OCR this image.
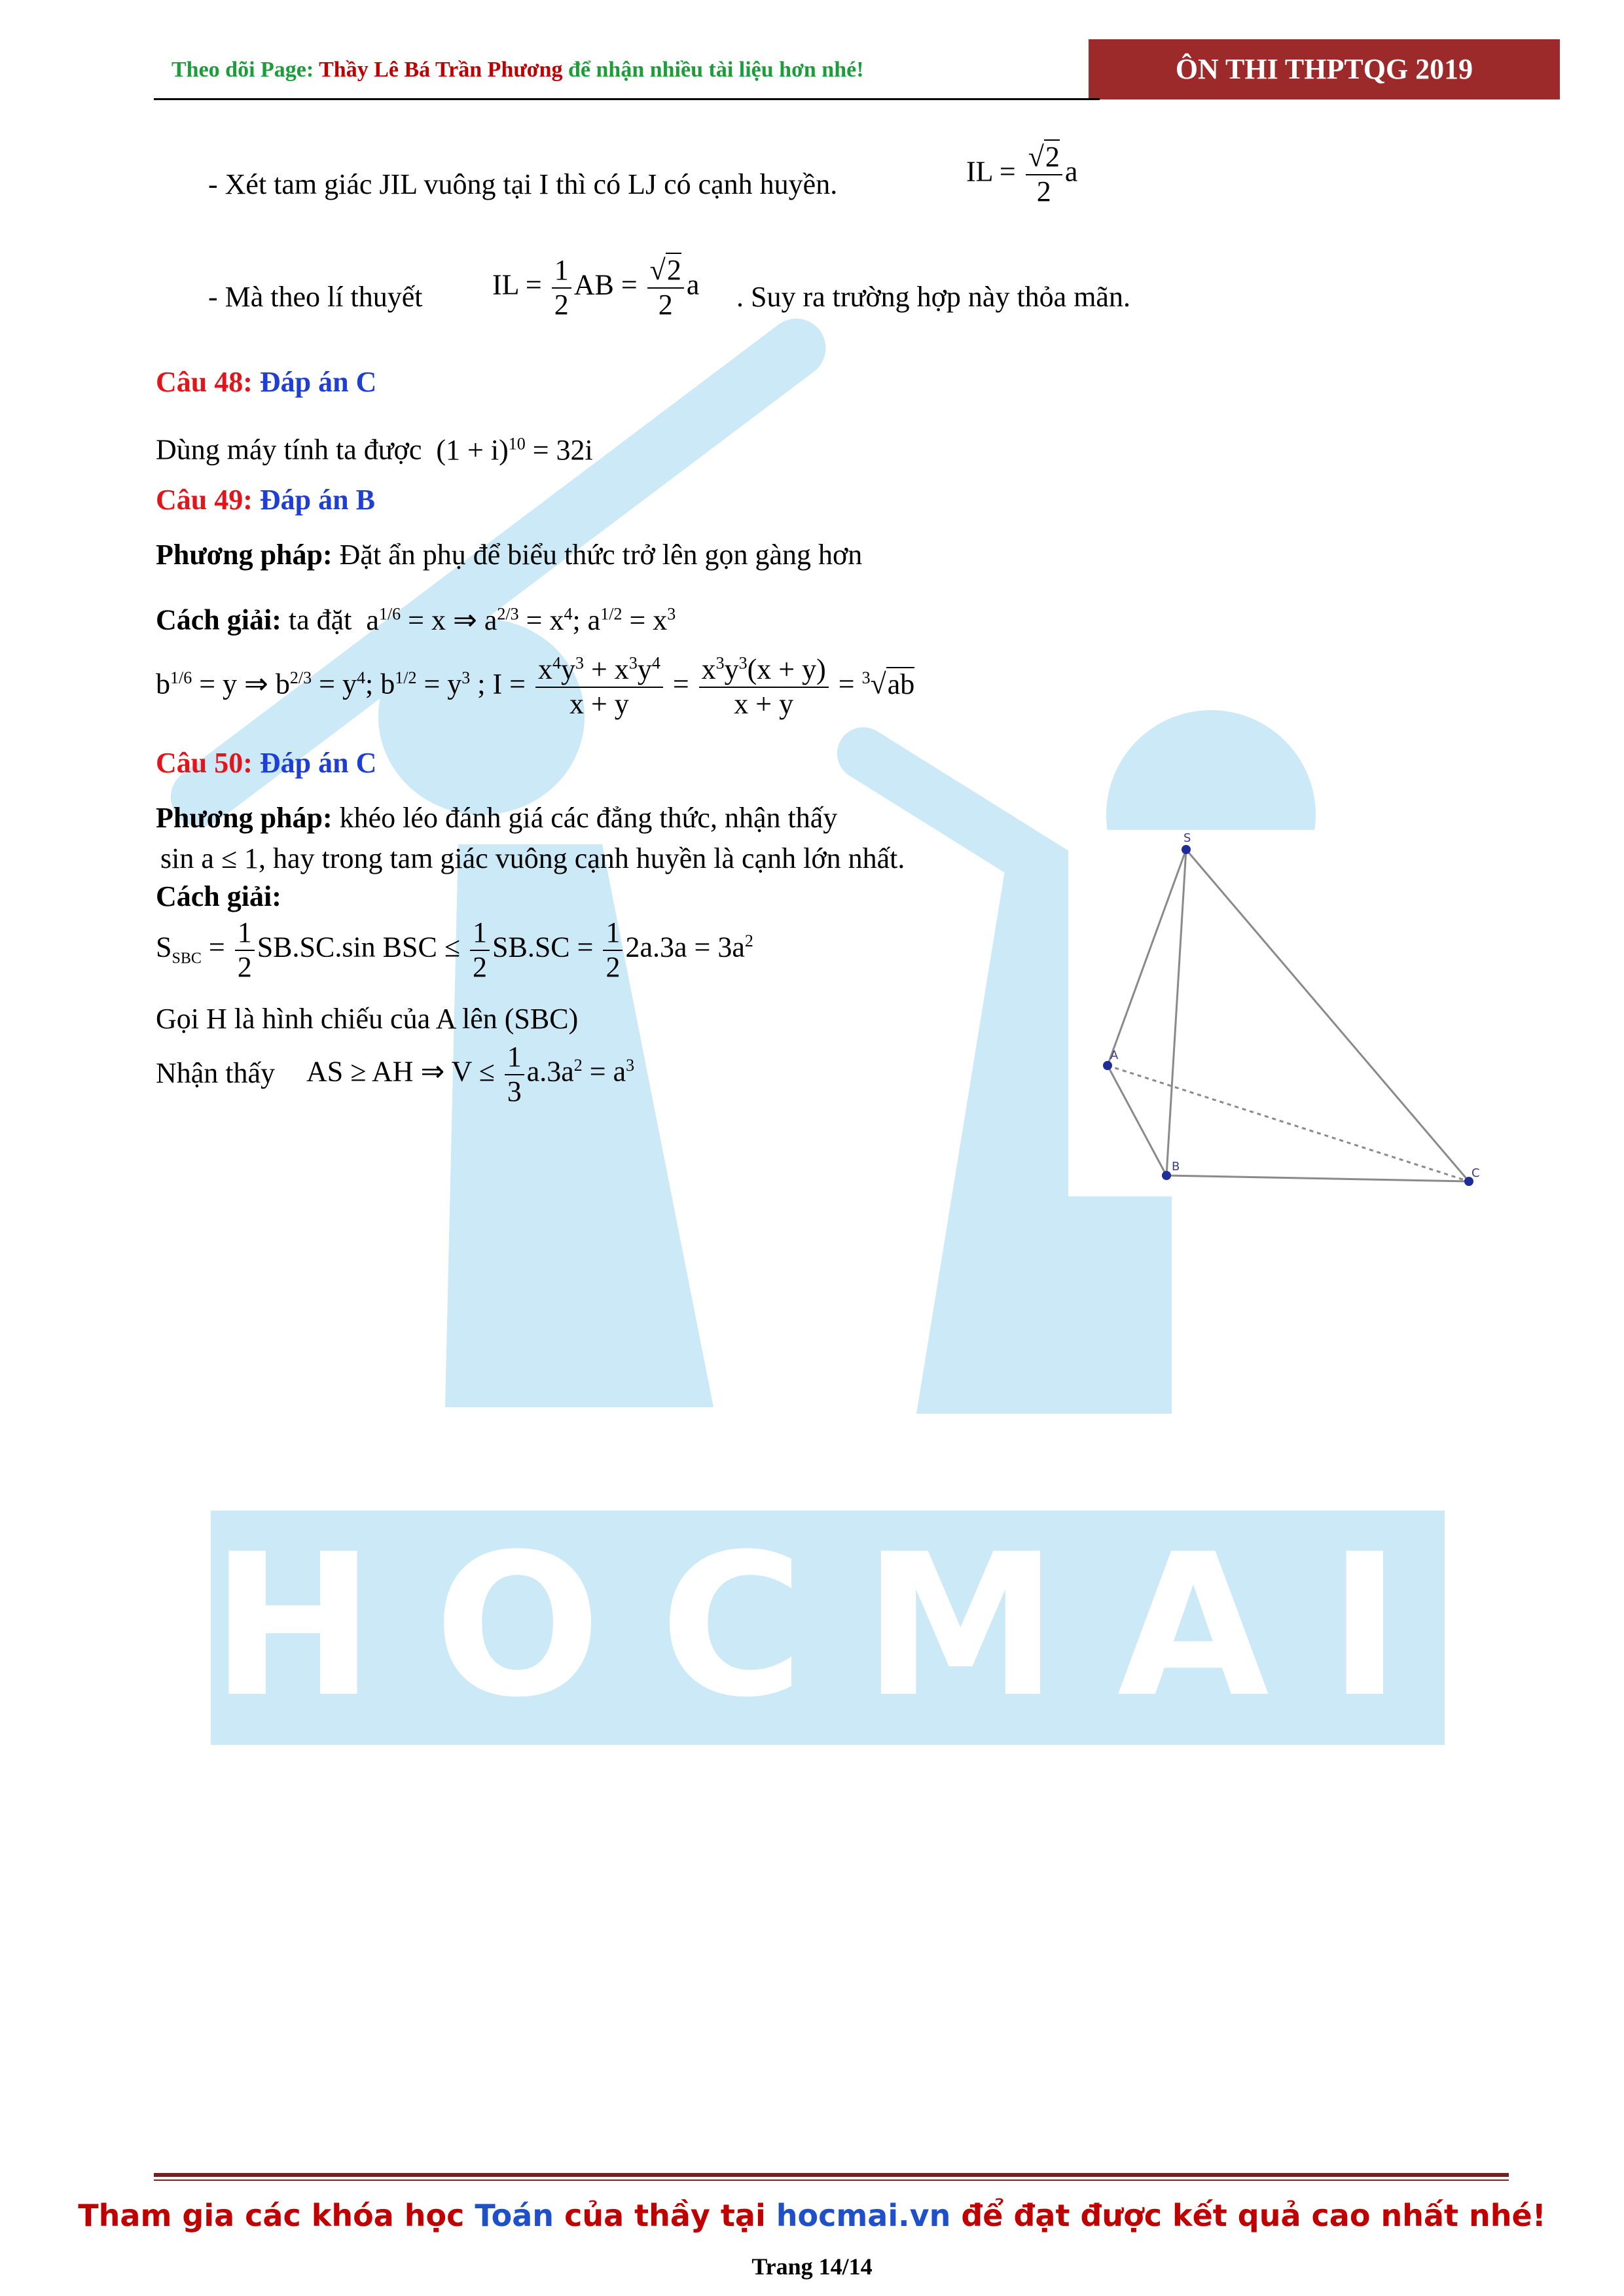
HOCMAI
Theo dõi Page: Thầy Lê Bá Trần Phương để nhận nhiều tài liệu hơn nhé!	ÔN THI THPTQG 2019
- Xét tam giác JIL vuông tại I thì có LJ có cạnh huyền.	IL = $\frac{√2}{2}$ a
- Mà theo lí thuyết IL = $\frac{1}{2}$ AB = $\frac{√2}{2}$ a . Suy ra trường hợp này thỏa mãn.
Câu 48: Đáp án C
Dùng máy tính ta được  $(1 + i)^{10} = 32i$
Câu 49: Đáp án B
Phương pháp: Đặt ẩn phụ để biểu thức trở lên gọn gàng hơn
Cách giải: ta đặt  $a^{1/6} = x$ ⇒ $a^{2/3} = x^4$; $a^{1/2} = x^3$
$b^{1/6} = y$ ⇒ $b^{2/3} = y^4$; $b^{1/2} = y^3$ ; $I = \frac{x^4y^3 + x^3y^4}{x + y} = \frac{x^3y^3(x + y)}{x + y} = ^3√ab$
Câu 50: Đáp án C
Phương pháp: khéo léo đánh giá các đẳng thức, nhận thấy
sin a ≤ 1, hay trong tam giác vuông cạnh huyền là cạnh lớn nhất.
Cách giải:
$S_{SBC} = \frac{1}{2} SB.SC.\sin$ BSC ≤ $\frac{1}{2} SB.SC = \frac{1}{2} 2a.3a = 3a^2$
Gọi H là hình chiếu của A lên (SBC)
Nhận thấy AS ≥ AH ⇒ $V \le \frac{1}{3} a.3a^2 = a^3$
S
A
B	C
Tham gia các khóa học Toán của thầy tại hocmai.vn để đạt được kết quả cao nhất nhé!
Trang 14/14
